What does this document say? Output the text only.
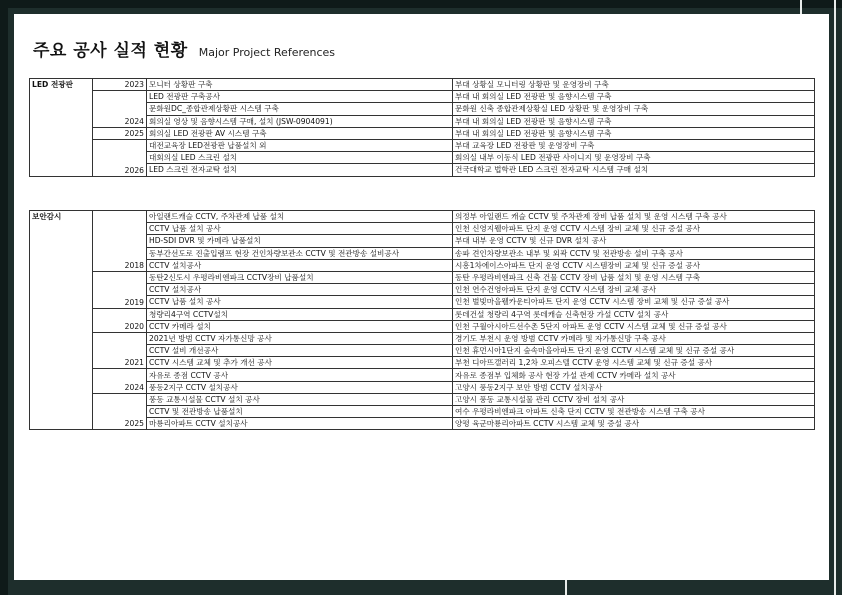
주요 공사 실적 현황 Major Project References
LED 전광판	2023	모니터 상황판 구축	부대 상황실 모니터링 상황판 및 운영장비 구축
	2024	LED 전광판 구축공사	부대 내 회의실 LED 전광판 및 음향시스템 구축
		문화원DC_종합관제상황판 시스템 구축	문화원 신축 종합관제상황실 LED 상황판 및 운영장비 구축
		회의실 영상 및 음향시스템 구매, 설치 (JSW-0904091)	부대 내 회의실 LED 전광판 및 음향시스템 구축
	2025	회의실 LED 전광판 AV 시스템 구축	부대 내 회의실 LED 전광판 및 음향시스템 구축
	2026	대전교육장 LED전광판 납품설치 외	부대 교육장 LED 전광판 및 운영장비 구축
		대회의실 LED 스크린 설치	회의실 내부 이동식 LED 전광판 사이니지 및 운영장비 구축
		LED 스크린 전자교탁 설치	건국대학교 법학관 LED 스크린 전자교탁 시스템 구매 설치
보안감시	2018	아일랜드캐슬 CCTV, 주차관제 납품 설치	의정부 아일랜드 캐슬 CCTV 및 주차관제 장비 납품 설치 및 운영 시스템 구축 공사
		CCTV 납품 설치 공사	인천 신영지웰아파트 단지 운영 CCTV 시스템 장비 교체 및 신규 증설 공사
		HD-SDI DVR 및 카메라 납품설치	부대 내부 운영 CCTV 및 신규 DVR 설치 공사
		동부간선도로 진출입램프 현장 건인차량보관소 CCTV 및 전관방송 설비공사	송파 견인차량보관소 내부 및 외곽 CCTV 및 전관방송 설비 구축 공사
		CCTV 설치공사	시흥1차에이스아파트 단지 운영 CCTV 시스템장비 교체 및 신규 증설 공사
	2019	동탄2신도시 우평라비엔파크 CCTV장비 납품설치	동탄 우평라비엔파크 신축 건물 CCTV 장비 납품 설치 및 운영 시스템 구축
		CCTV 설치공사	인천 연수건영아파트 단지 운영 CCTV 시스템 장비 교체 공사
		CCTV 납품 설치 공사	인천 벌빛마을웰카운티아파트 단지 운영 CCTV 시스템 장비 교체 및 신규 증설 공사
	2020	청량리4구역 CCTV설치	롯데건설 청량리 4구역 롯데캐슬 신축현장 가설 CCTV 설치 공사
		CCTV 카메라 설치	인천 구월아시아드선수촌 5단지 아파트 운영 CCTV 시스템 교체 및 신규 증설 공사
	2021	2021년 방범 CCTV 자가통신망 공사	경기도 부천시 운영 방범 CCTV 카메라 및 자가통신망 구축 공사
		CCTV 설비 개선공사	인천 휴먼시아1단지 숲속마을아파트 단지 운영 CCTV 시스템 교체 및 신규 증설 공사
		CCTV 시스템 교체 및 추가 개선 공사	부천 디아뜨갤러리 1,2차 오피스텔 CCTV 운영 시스템 교체 및 신규 증설 공사
	2024	자유로 종점 CCTV 공사	자유로 종점부 입체화 공사 현장 가설 관제 CCTV 카메라 설치 공사
		풍동2지구 CCTV 설치공사	고양시 풍동2지구 보안 방범 CCTV 설치공사
	2025	풍동 교통시설물 CCTV 설치 공사	고양시 풍동 교통시설물 관리 CCTV 장비 설치 공사
		CCTV 및 전관방송 납품설치	여수 우평라비엔파크 아파트 신축 단지 CCTV 및 전관방송 시스템 구축 공사
		마룡리아파트 CCTV 설치공사	양평 육군마룡리아파트 CCTV 시스템 교체 및 증설 공사
